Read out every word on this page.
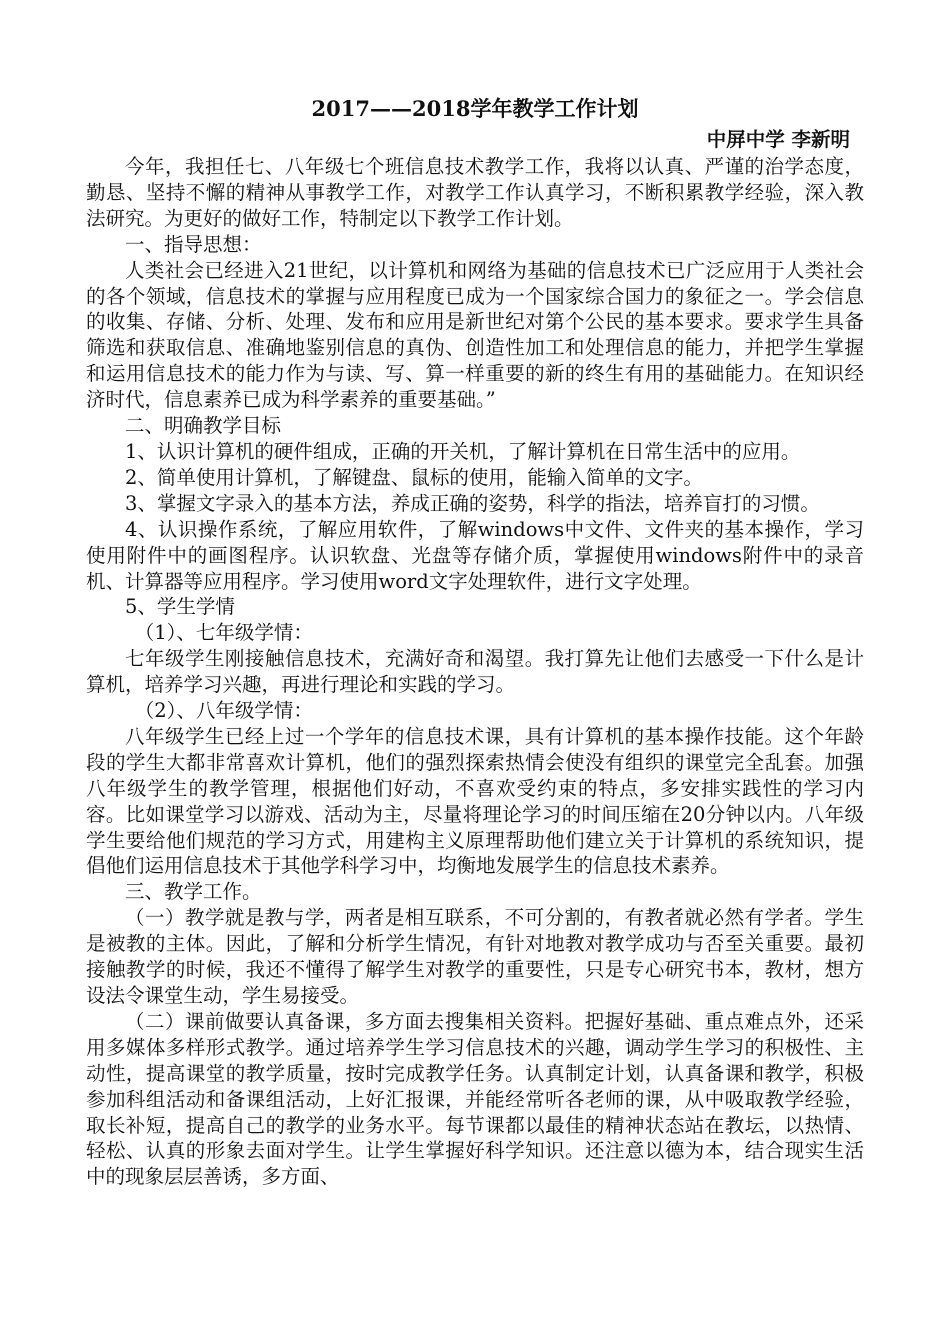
2017——2018学年教学工作计划
中屏中学 李新明

今年，我担任七、八年级七个班信息技术教学工作，我将以认真、严谨的治学态度，勤恳、坚持不懈的精神从事教学工作，对教学工作认真学习，不断积累教学经验，深入教法研究。为更好的做好工作，特制定以下教学工作计划。

一、指导思想：

人类社会已经进入21世纪，以计算机和网络为基础的信息技术已广泛应用于人类社会的各个领域，信息技术的掌握与应用程度已成为一个国家综合国力的象征之一。学会信息的收集、存储、分析、处理、发布和应用是新世纪对第个公民的基本要求。要求学生具备筛选和获取信息、准确地鉴别信息的真伪、创造性加工和处理信息的能力，并把学生掌握和运用信息技术的能力作为与读、写、算一样重要的新的终生有用的基础能力。在知识经济时代，信息素养已成为科学素养的重要基础。”

二、明确教学目标

1、认识计算机的硬件组成，正确的开关机，了解计算机在日常生活中的应用。

2、简单使用计算机，了解键盘、鼠标的使用，能输入简单的文字。

3、掌握文字录入的基本方法，养成正确的姿势，科学的指法，培养盲打的习惯。

4、认识操作系统，了解应用软件，了解windows中文件、文件夹的基本操作，学习使用附件中的画图程序。认识软盘、光盘等存储介质，掌握使用windows附件中的录音机、计算器等应用程序。学习使用word文字处理软件，进行文字处理。

5、学生学情

（1）、七年级学情：

七年级学生刚接触信息技术，充满好奇和渴望。我打算先让他们去感受一下什么是计算机，培养学习兴趣，再进行理论和实践的学习。

（2）、八年级学情：

八年级学生已经上过一个学年的信息技术课，具有计算机的基本操作技能。这个年龄段的学生大都非常喜欢计算机，他们的强烈探索热情会使没有组织的课堂完全乱套。加强八年级学生的教学管理，根据他们好动，不喜欢受约束的特点，多安排实践性的学习内容。比如课堂学习以游戏、活动为主，尽量将理论学习的时间压缩在20分钟以内。八年级学生要给他们规范的学习方式，用建构主义原理帮助他们建立关于计算机的系统知识，提倡他们运用信息技术于其他学科学习中，均衡地发展学生的信息技术素养。

三、教学工作。

（一）教学就是教与学，两者是相互联系，不可分割的，有教者就必然有学者。学生是被教的主体。因此，了解和分析学生情况，有针对地教对教学成功与否至关重要。最初接触教学的时候，我还不懂得了解学生对教学的重要性，只是专心研究书本，教材，想方设法令课堂生动，学生易接受。

（二）课前做要认真备课，多方面去搜集相关资料。把握好基础、重点难点外，还采用多媒体多样形式教学。通过培养学生学习信息技术的兴趣，调动学生学习的积极性、主动性，提高课堂的教学质量，按时完成教学任务。认真制定计划，认真备课和教学，积极参加科组活动和备课组活动，上好汇报课，并能经常听各老师的课，从中吸取教学经验，取长补短，提高自己的教学的业务水平。每节课都以最佳的精神状态站在教坛，以热情、轻松、认真的形象去面对学生。让学生掌握好科学知识。还注意以德为本，结合现实生活中的现象层层善诱，多方面、
